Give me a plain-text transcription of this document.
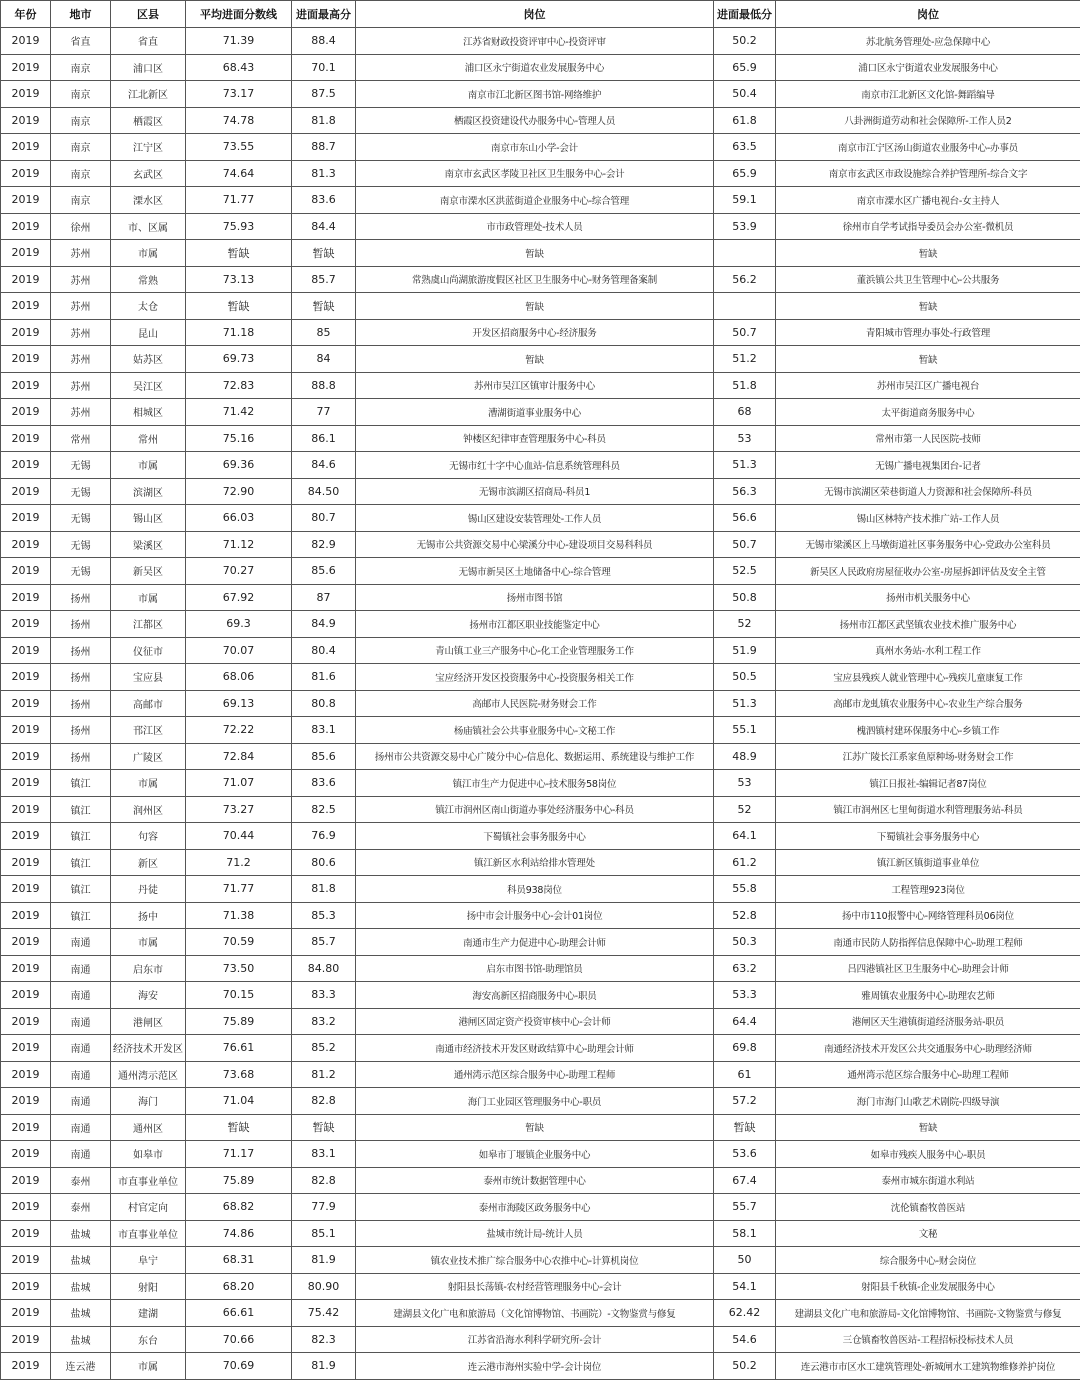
年份	地市	区县	平均进面分数线	进面最高分	岗位	进面最低分	岗位
2019	省直	省直	71.39	88.4	江苏省财政投资评审中心-投资评审	50.2	苏北航务管理处-应急保障中心
2019	南京	浦口区	68.43	70.1	浦口区永宁街道农业发展服务中心	65.9	浦口区永宁街道农业发展服务中心
2019	南京	江北新区	73.17	87.5	南京市江北新区图书馆-网络维护	50.4	南京市江北新区文化馆-舞蹈编导
2019	南京	栖霞区	74.78	81.8	栖霞区投资建设代办服务中心-管理人员	61.8	八卦洲街道劳动和社会保障所-工作人员2
2019	南京	江宁区	73.55	88.7	南京市东山小学-会计	63.5	南京市江宁区汤山街道农业服务中心-办事员
2019	南京	玄武区	74.64	81.3	南京市玄武区孝陵卫社区卫生服务中心-会计	65.9	南京市玄武区市政设施综合养护管理所-综合文字
2019	南京	溧水区	71.77	83.6	南京市溧水区洪蓝街道企业服务中心-综合管理	59.1	南京市溧水区广播电视台-女主持人
2019	徐州	市、区属	75.93	84.4	市市政管理处-技术人员	53.9	徐州市自学考试指导委员会办公室-微机员
2019	苏州	市属	暂缺	暂缺	暂缺		暂缺
2019	苏州	常熟	73.13	85.7	常熟虞山尚湖旅游度假区社区卫生服务中心-财务管理备案制	56.2	董浜镇公共卫生管理中心-公共服务
2019	苏州	太仓	暂缺	暂缺	暂缺		暂缺
2019	苏州	昆山	71.18	85	开发区招商服务中心-经济服务	50.7	青阳城市管理办事处-行政管理
2019	苏州	姑苏区	69.73	84	暂缺	51.2	暂缺
2019	苏州	吴江区	72.83	88.8	苏州市吴江区镇审计服务中心	51.8	苏州市吴江区广播电视台
2019	苏州	相城区	71.42	77	漕湖街道事业服务中心	68	太平街道商务服务中心
2019	常州	常州	75.16	86.1	钟楼区纪律审查管理服务中心-科员	53	常州市第一人民医院-技师
2019	无锡	市属	69.36	84.6	无锡市红十字中心血站-信息系统管理科员	51.3	无锡广播电视集团台-记者
2019	无锡	滨湖区	72.90	84.50	无锡市滨湖区招商局-科员1	56.3	无锡市滨湖区荣巷街道人力资源和社会保障所-科员
2019	无锡	锡山区	66.03	80.7	锡山区建设安装管理处-工作人员	56.6	锡山区林特产技术推广站-工作人员
2019	无锡	梁溪区	71.12	82.9	无锡市公共资源交易中心梁溪分中心-建设项目交易科科员	50.7	无锡市梁溪区上马墩街道社区事务服务中心-党政办公室科员
2019	无锡	新吴区	70.27	85.6	无锡市新吴区土地储备中心-综合管理	52.5	新吴区人民政府房屋征收办公室-房屋拆卸评估及安全主管
2019	扬州	市属	67.92	87	扬州市图书馆	50.8	扬州市机关服务中心
2019	扬州	江都区	69.3	84.9	扬州市江都区职业技能鉴定中心	52	扬州市江都区武坚镇农业技术推广服务中心
2019	扬州	仪征市	70.07	80.4	青山镇工业三产服务中心-化工企业管理服务工作	51.9	真州水务站-水利工程工作
2019	扬州	宝应县	68.06	81.6	宝应经济开发区投资服务中心-投资服务相关工作	50.5	宝应县残疾人就业管理中心-残疾儿童康复工作
2019	扬州	高邮市	69.13	80.8	高邮市人民医院-财务财会工作	51.3	高邮市龙虬镇农业服务中心-农业生产综合服务
2019	扬州	邗江区	72.22	83.1	杨庙镇社会公共事业服务中心-文秘工作	55.1	槐泗镇村建环保服务中心-乡镇工作
2019	扬州	广陵区	72.84	85.6	扬州市公共资源交易中心广陵分中心-信息化、数据运用、系统建设与维护工作	48.9	江苏广陵长江系家鱼原种场-财务财会工作
2019	镇江	市属	71.07	83.6	镇江市生产力促进中心-技术服务58岗位	53	镇江日报社-编辑记者87岗位
2019	镇江	润州区	73.27	82.5	镇江市润州区南山街道办事处经济服务中心-科员	52	镇江市润州区七里甸街道水利管理服务站-科员
2019	镇江	句容	70.44	76.9	下蜀镇社会事务服务中心	64.1	下蜀镇社会事务服务中心
2019	镇江	新区	71.2	80.6	镇江新区水利站给排水管理处	61.2	镇江新区镇街道事业单位
2019	镇江	丹徒	71.77	81.8	科员938岗位	55.8	工程管理923岗位
2019	镇江	扬中	71.38	85.3	扬中市会计服务中心-会计01岗位	52.8	扬中市110报警中心-网络管理科员06岗位
2019	南通	市属	70.59	85.7	南通市生产力促进中心-助理会计师	50.3	南通市民防人防指挥信息保障中心-助理工程师
2019	南通	启东市	73.50	84.80	启东市图书馆-助理馆员	63.2	吕四港镇社区卫生服务中心-助理会计师
2019	南通	海安	70.15	83.3	海安高新区招商服务中心-职员	53.3	雅周镇农业服务中心-助理农艺师
2019	南通	港闸区	75.89	83.2	港闸区固定资产投资审核中心-会计师	64.4	港闸区天生港镇街道经济服务站-职员
2019	南通	经济技术开发区	76.61	85.2	南通市经济技术开发区财政结算中心-助理会计师	69.8	南通经济技术开发区公共交通服务中心-助理经济师
2019	南通	通州湾示范区	73.68	81.2	通州湾示范区综合服务中心-助理工程师	61	通州湾示范区综合服务中心-助理工程师
2019	南通	海门	71.04	82.8	海门工业园区管理服务中心-职员	57.2	海门市海门山歌艺术剧院-四级导演
2019	南通	通州区	暂缺	暂缺	暂缺	暂缺	暂缺
2019	南通	如皋市	71.17	83.1	如皋市丁堰镇企业服务中心	53.6	如皋市残疾人服务中心-职员
2019	泰州	市直事业单位	75.89	82.8	泰州市统计数据管理中心	67.4	泰州市城东街道水利站
2019	泰州	村官定向	68.82	77.9	泰州市海陵区政务服务中心	55.7	沈伦镇畜牧兽医站
2019	盐城	市直事业单位	74.86	85.1	盐城市统计局-统计人员	58.1	文秘
2019	盐城	阜宁	68.31	81.9	镇农业技术推广综合服务中心农推中心-计算机岗位	50	综合服务中心-财会岗位
2019	盐城	射阳	68.20	80.90	射阳县长荡镇-农村经营管理服务中心-会计	54.1	射阳县千秋镇-企业发展服务中心
2019	盐城	建湖	66.61	75.42	建湖县文化广电和旅游局（文化馆博物馆、书画院）-文物鉴赏与修复	62.42	建湖县文化广电和旅游局-文化馆博物馆、书画院-文物鉴赏与修复
2019	盐城	东台	70.66	82.3	江苏省沿海水利科学研究所-会计	54.6	三仓镇畜牧兽医站-工程招标投标技术人员
2019	连云港	市属	70.69	81.9	连云港市海州实验中学-会计岗位	50.2	连云港市市区水工建筑管理处-新城闸水工建筑物维修养护岗位
